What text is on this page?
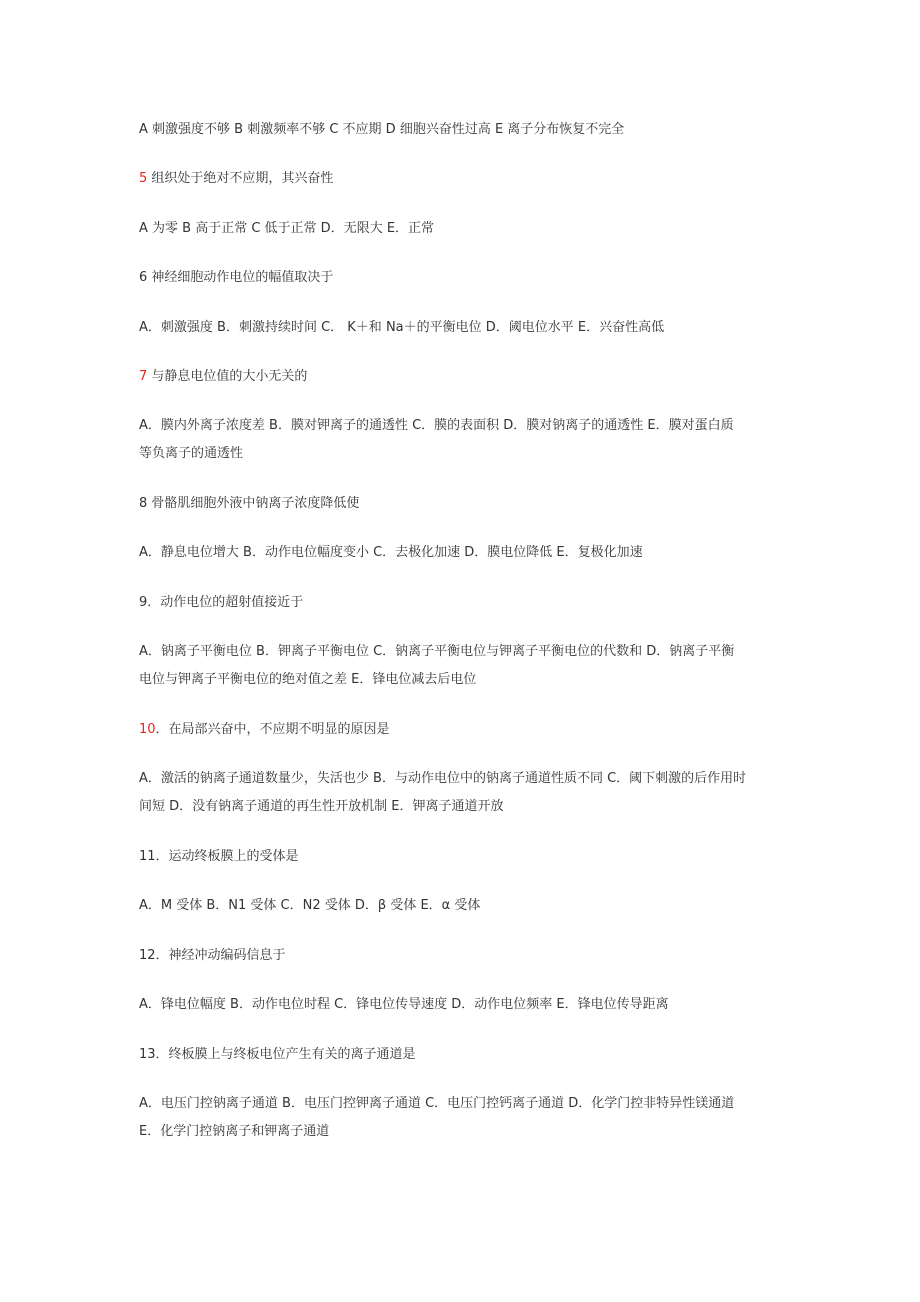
A 刺激强度不够 B 刺激频率不够 C 不应期 D 细胞兴奋性过高 E 离子分布恢复不完全
5 组织处于绝对不应期，其兴奋性
A 为零 B 高于正常 C 低于正常 D．无限大 E．正常
6 神经细胞动作电位的幅值取决于
A．刺激强度 B．刺激持续时间 C． K＋和 Na＋的平衡电位 D．阈电位水平 E．兴奋性高低
7 与静息电位值的大小无关的
A．膜内外离子浓度差 B．膜对钾离子的通透性 C．膜的表面积 D．膜对钠离子的通透性 E．膜对蛋白质
等负离子的通透性
8 骨骼肌细胞外液中钠离子浓度降低使
A．静息电位增大 B．动作电位幅度变小 C．去极化加速 D．膜电位降低 E．复极化加速
9．动作电位的超射值接近于
A．钠离子平衡电位 B．钾离子平衡电位 C．钠离子平衡电位与钾离子平衡电位的代数和 D．钠离子平衡
电位与钾离子平衡电位的绝对值之差 E．锋电位减去后电位
10．在局部兴奋中，不应期不明显的原因是
A．激活的钠离子通道数量少，失活也少 B．与动作电位中的钠离子通道性质不同 C．阈下刺激的后作用时
间短 D．没有钠离子通道的再生性开放机制 E．钾离子通道开放
11．运动终板膜上的受体是
A．M 受体 B．N1 受体 C．N2 受体 D．β 受体 E．α 受体
12．神经冲动编码信息于
A．锋电位幅度 B．动作电位时程 C．锋电位传导速度 D．动作电位频率 E．锋电位传导距离
13．终板膜上与终板电位产生有关的离子通道是
A．电压门控钠离子通道 B．电压门控钾离子通道 C．电压门控钙离子通道 D．化学门控非特异性镁通道
E．化学门控钠离子和钾离子通道
